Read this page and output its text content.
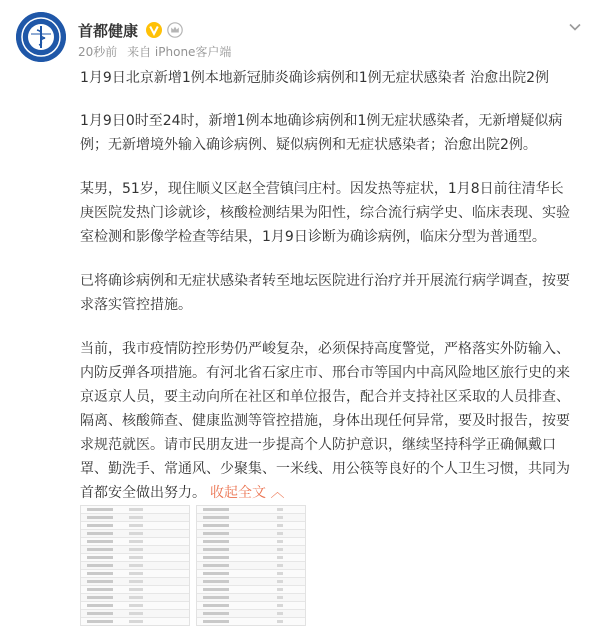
首都健康
20秒前 来自 iPhone客户端

1月9日北京新增1例本地新冠肺炎确诊病例和1例无症状感染者 治愈出院2例

1月9日0时至24时，新增1例本地确诊病例和1例无症状感染者，无新增疑似病例；无新增境外输入确诊病例、疑似病例和无症状感染者；治愈出院2例。

某男，51岁，现住顺义区赵全营镇闫庄村。因发热等症状，1月8日前往清华长庚医院发热门诊就诊，核酸检测结果为阳性，综合流行病学史、临床表现、实验室检测和影像学检查等结果，1月9日诊断为确诊病例，临床分型为普通型。

已将确诊病例和无症状感染者转至地坛医院进行治疗并开展流行病学调查，按要求落实管控措施。

当前，我市疫情防控形势仍严峻复杂，必须保持高度警觉，严格落实外防输入、内防反弹各项措施。有河北省石家庄市、邢台市等国内中高风险地区旅行史的来京返京人员，要主动向所在社区和单位报告，配合并支持社区采取的人员排查、隔离、核酸筛查、健康监测等管控措施，身体出现任何异常，要及时报告，按要求规范就医。请市民朋友进一步提高个人防护意识，继续坚持科学正确佩戴口罩、勤洗手、常通风、少聚集、一米线、用公筷等良好的个人卫生习惯，共同为首都安全做出努力。 收起全文 ︿
